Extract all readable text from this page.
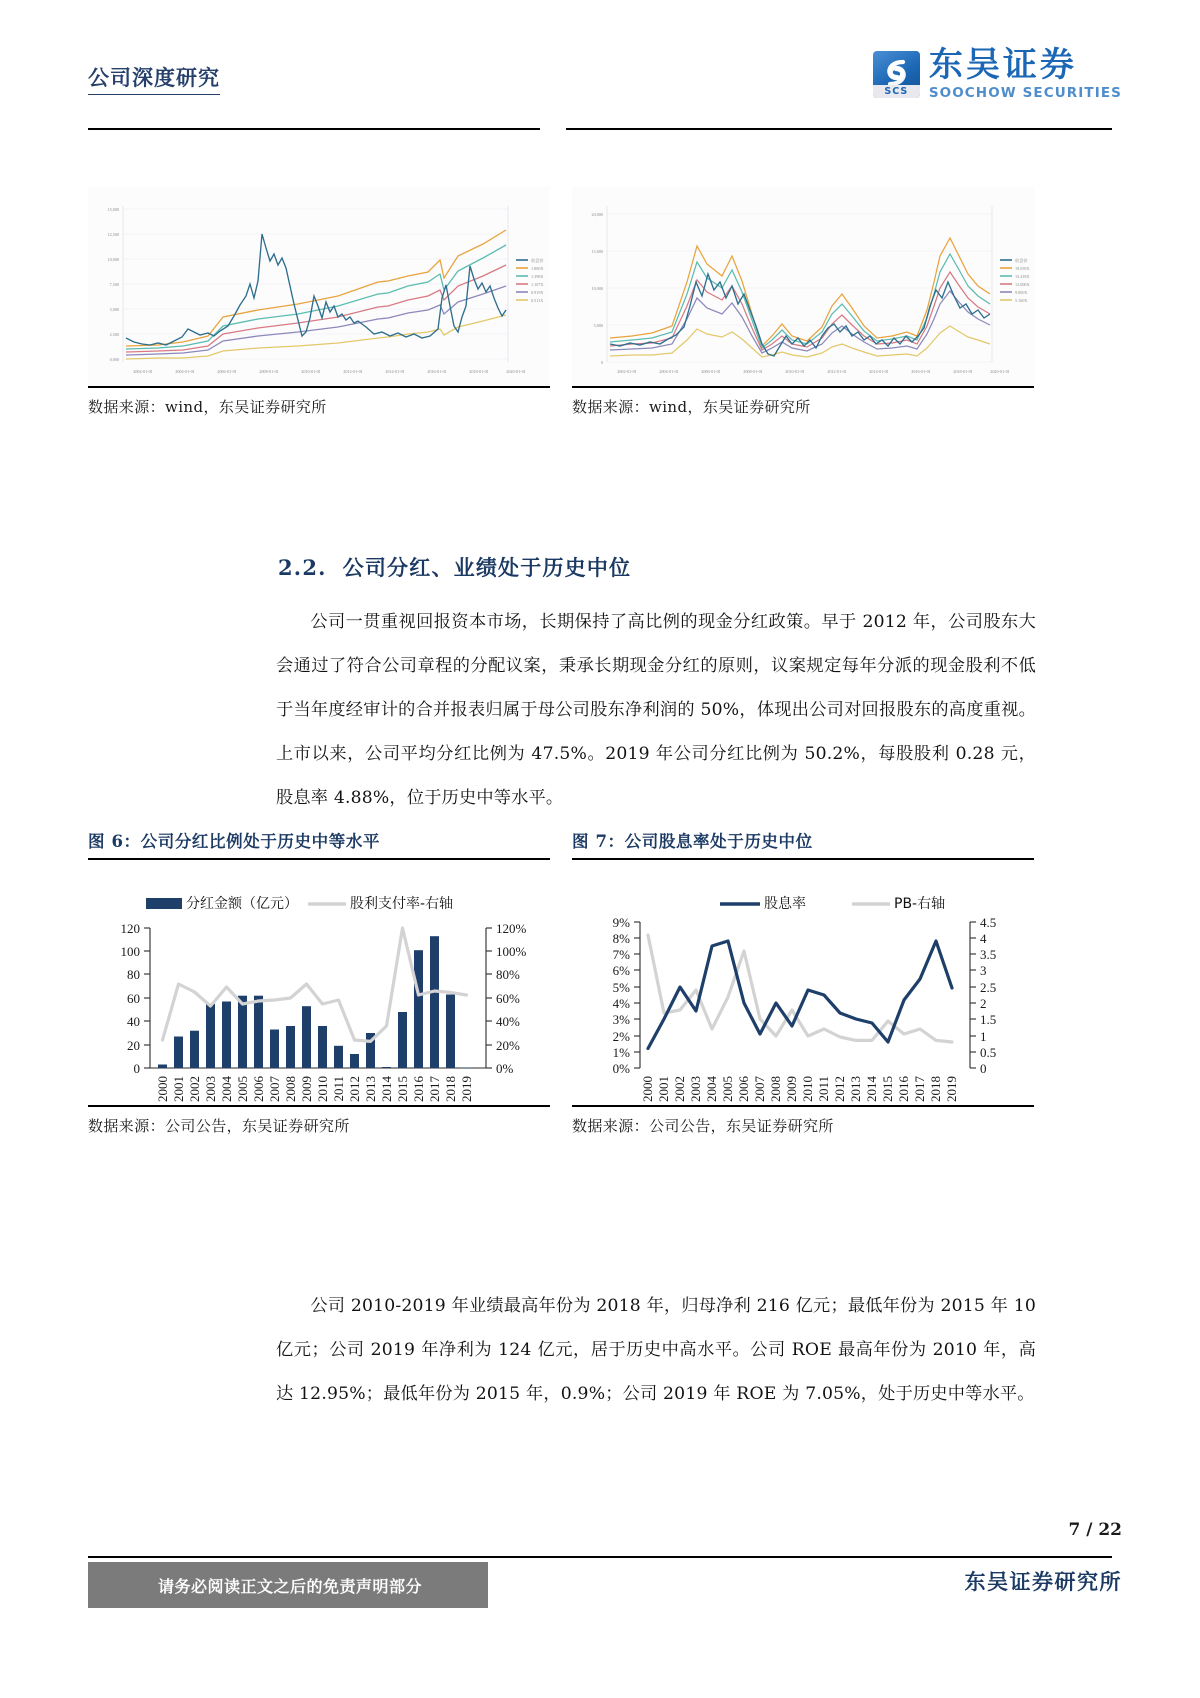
公司深度研究
SCS
东吴证券
SOOCHOW SECURITIES
15,000
12,500
10,000
7,500
5,000
2,500
0,000
收盘价
1.800X
1.398X
1.107X
0.919X
0.511X
2002-01-01	2004-01-01	2006-01-01	2008-01-01	2010-01-01	2012-01-01	2014-01-01	2016-01-01	2018-01-01	2020-01-01
数据来源：wind，东吴证券研究所
20,000
15,000
10,000
5,000
0
收盘价
19.039X
15.418X
12.000X
9.000X
5.160X
2002-01-01	2004-01-01	2006-01-01	2008-01-01	2010-01-01	2012-01-01	2014-01-01	2016-01-01	2018-01-01	2020-01-01
数据来源：wind，东吴证券研究所
2.2. 公司分红、业绩处于历史中位

公司一贯重视回报资本市场，长期保持了高比例的现金分红政策。早于 2012 年，公司股东大会通过了符合公司章程的分配议案，秉承长期现金分红的原则，议案规定每年分派的现金股利不低于当年度经审计的合并报表归属于母公司股东净利润的 50%，体现出公司对回报股东的高度重视。上市以来，公司平均分红比例为 47.5%。2019 年公司分红比例为 50.2%，每股股利 0.28 元，股息率 4.88%，位于历史中等水平。

图 6：公司分红比例处于历史中等水平
分红金额（亿元）	股利支付率-右轴
120
100
80
60
40
20
0
120%
100%
80%
60%
40%
20%
0%
2000 2001 2002 2003 2004 2005 2006 2007 2008 2009 2010 2011 2012 2013 2014 2015 2016 2017 2018 2019
数据来源：公司公告，东吴证券研究所
图 7：公司股息率处于历史中位
股息率	PB-右轴
9%
8%
7%
6%
5%
4%
3%
2%
1%
0%
4.5
4
3.5
3
2.5
2
1.5
1
0.5
0
2000 2001 2002 2003 2004 2005 2006 2007 2008 2009 2010 2011 2012 2013 2014 2015 2016 2017 2018 2019
数据来源：公司公告，东吴证券研究所

公司 2010-2019 年业绩最高年份为 2018 年，归母净利 216 亿元；最低年份为 2015 年 10 亿元；公司 2019 年净利为 124 亿元，居于历史中高水平。公司 ROE 最高年份为 2010 年，高达 12.95%；最低年份为 2015 年，0.9%；公司 2019 年 ROE 为 7.05%，处于历史中等水平。

7 / 22
请务必阅读正文之后的免责声明部分	东吴证券研究所
